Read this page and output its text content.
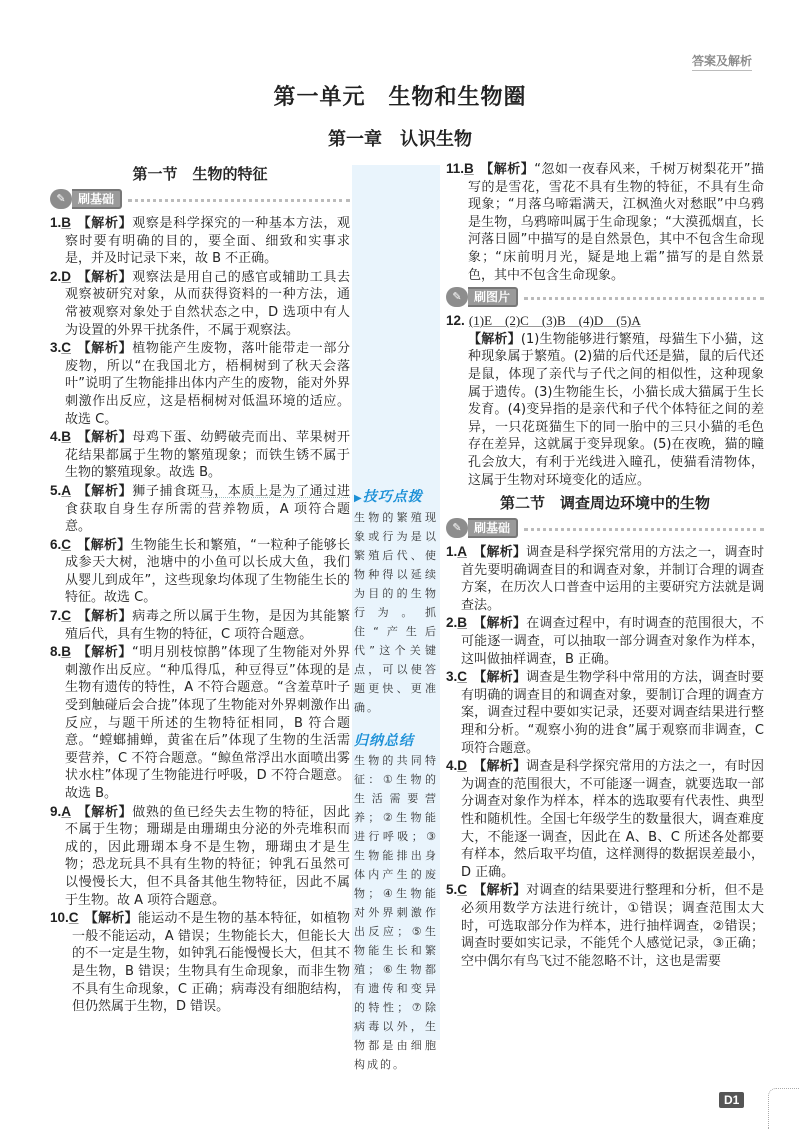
答案及解析
第一单元　生物和生物圈
第一章　认识生物
▶技巧点拨
生物的繁殖现象或行为是以繁殖后代、使物种得以延续为目的的生物行为。抓住“产生后代”这个关键点，可以使答题更快、更准确。
归纳总结
生物的共同特征：①生物的生活需要营养；②生物能进行呼吸；③生物能排出身体内产生的废物；④生物能对外界刺激作出反应；⑤生物能生长和繁殖；⑥生物都有遗传和变异的特性；⑦除病毒以外，生物都是由细胞构成的。
第一节　生物的特征
✎	刷基础
1.B 【解析】观察是科学探究的一种基本方法，观察时要有明确的目的，要全面、细致和实事求是，并及时记录下来，故 B 不正确。
2.D 【解析】观察法是用自己的感官或辅助工具去观察被研究对象，从而获得资料的一种方法，通常被观察对象处于自然状态之中，D 选项中有人为设置的外界干扰条件，不属于观察法。
3.C 【解析】植物能产生废物，落叶能带走一部分废物，所以“在我国北方，梧桐树到了秋天会落叶”说明了生物能排出体内产生的废物，能对外界刺激作出反应，这是梧桐树对低温环境的适应。故选 C。
4.B 【解析】母鸡下蛋、幼鳄破壳而出、苹果树开花结果都属于生物的繁殖现象；而铁生锈不属于生物的繁殖现象。故选 B。
5.A 【解析】狮子捕食斑马，本质上是为了通过进食获取自身生存所需的营养物质，A 项符合题意。
6.C 【解析】生物能生长和繁殖，“一粒种子能够长成参天大树，池塘中的小鱼可以长成大鱼，我们从婴儿到成年”，这些现象均体现了生物能生长的特征。故选 C。
7.C 【解析】病毒之所以属于生物，是因为其能繁殖后代，具有生物的特征，C 项符合题意。
8.B 【解析】“明月别枝惊鹊”体现了生物能对外界刺激作出反应。“种瓜得瓜，种豆得豆”体现的是生物有遗传的特性，A 不符合题意。“含羞草叶子受到触碰后会合拢”体现了生物能对外界刺激作出反应，与题干所述的生物特征相同，B 符合题意。“螳螂捕蝉，黄雀在后”体现了生物的生活需要营养，C 不符合题意。“鲸鱼常浮出水面喷出雾状水柱”体现了生物能进行呼吸，D 不符合题意。故选 B。
9.A 【解析】做熟的鱼已经失去生物的特征，因此不属于生物；珊瑚是由珊瑚虫分泌的外壳堆积而成的，因此珊瑚本身不是生物，珊瑚虫才是生物；恐龙玩具不具有生物的特征；钟乳石虽然可以慢慢长大，但不具备其他生物特征，因此不属于生物。故 A 项符合题意。
10.C 【解析】能运动不是生物的基本特征，如植物一般不能运动，A 错误；生物能长大，但能长大的不一定是生物，如钟乳石能慢慢长大，但其不是生物，B 错误；生物具有生命现象，而非生物不具有生命现象，C 正确；病毒没有细胞结构，但仍然属于生物，D 错误。
11.B 【解析】“忽如一夜春风来，千树万树梨花开”描写的是雪花，雪花不具有生物的特征，不具有生命现象；“月落乌啼霜满天，江枫渔火对愁眠”中乌鸦是生物，乌鸦啼叫属于生命现象；“大漠孤烟直，长河落日圆”中描写的是自然景色，其中不包含生命现象；“床前明月光，疑是地上霜”描写的是自然景色，其中不包含生命现象。
✎	刷图片
12. (1)E　(2)C　(3)B　(4)D　(5)A
【解析】(1)生物能够进行繁殖，母猫生下小猫，这种现象属于繁殖。(2)猫的后代还是猫，鼠的后代还是鼠，体现了亲代与子代之间的相似性，这种现象属于遗传。(3)生物能生长，小猫长成大猫属于生长发育。(4)变异指的是亲代和子代个体特征之间的差异，一只花斑猫生下的同一胎中的三只小猫的毛色存在差异，这就属于变异现象。(5)在夜晚，猫的瞳孔会放大，有利于光线进入瞳孔，使猫看清物体，这属于生物对环境变化的适应。
第二节　调查周边环境中的生物
✎	刷基础
1.A 【解析】调查是科学探究常用的方法之一，调查时首先要明确调查目的和调查对象，并制订合理的调查方案，在历次人口普查中运用的主要研究方法就是调查法。
2.B 【解析】在调查过程中，有时调查的范围很大，不可能逐一调查，可以抽取一部分调查对象作为样本，这叫做抽样调查，B 正确。
3.C 【解析】调查是生物学科中常用的方法，调查时要有明确的调查目的和调查对象，要制订合理的调查方案，调查过程中要如实记录，还要对调查结果进行整理和分析。“观察小狗的进食”属于观察而非调查，C 项符合题意。
4.D 【解析】调查是科学探究常用的方法之一，有时因为调查的范围很大，不可能逐一调查，就要选取一部分调查对象作为样本，样本的选取要有代表性、典型性和随机性。全国七年级学生的数量很大，调查难度大，不能逐一调查，因此在 A、B、C 所述各处都要有样本，然后取平均值，这样测得的数据误差最小，D 正确。
5.C 【解析】对调查的结果要进行整理和分析，但不是必须用数学方法进行统计，①错误；调查范围太大时，可选取部分作为样本，进行抽样调查，②错误；调查时要如实记录，不能凭个人感觉记录，③正确；空中偶尔有鸟飞过不能忽略不计，这也是需要
D1
